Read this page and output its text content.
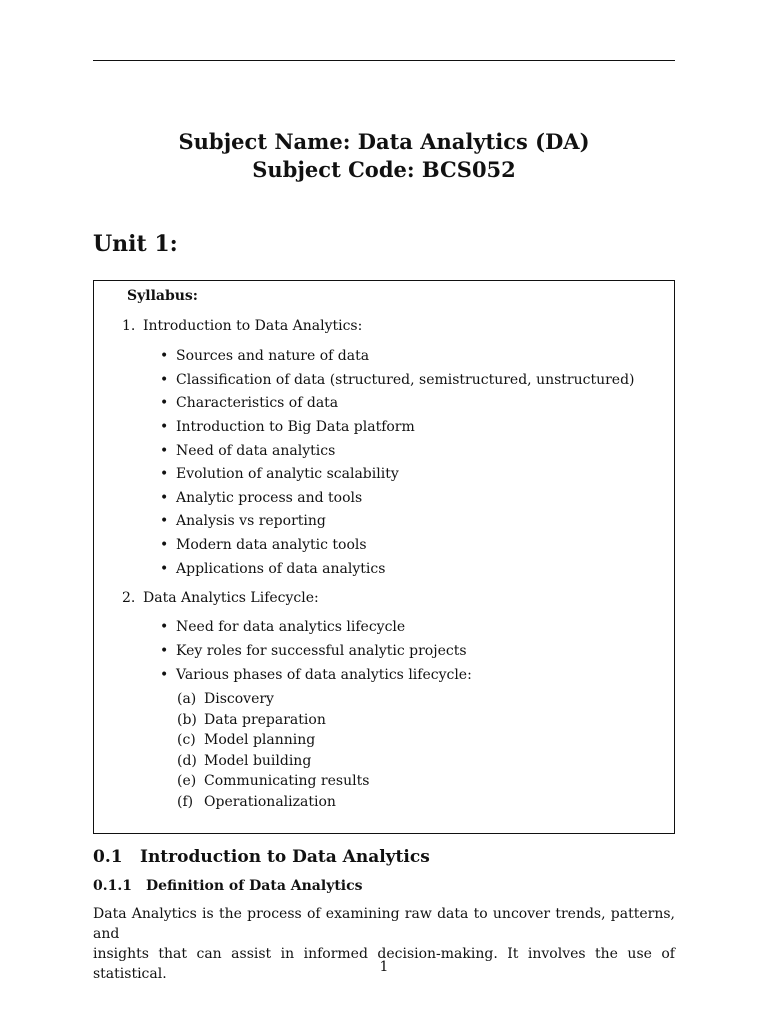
Subject Name: Data Analytics (DA)
Subject Code: BCS052
Unit 1:
Syllabus:
1. Introduction to Data Analytics:
• Sources and nature of data
• Classification of data (structured, semistructured, unstructured)
• Characteristics of data
• Introduction to Big Data platform
• Need of data analytics
• Evolution of analytic scalability
• Analytic process and tools
• Analysis vs reporting
• Modern data analytic tools
• Applications of data analytics
2. Data Analytics Lifecycle:
• Need for data analytics lifecycle
• Key roles for successful analytic projects
• Various phases of data analytics lifecycle:
(a) Discovery
(b) Data preparation
(c) Model planning
(d) Model building
(e) Communicating results
(f) Operationalization
0.1 Introduction to Data Analytics
0.1.1 Definition of Data Analytics
Data Analytics is the process of examining raw data to uncover trends, patterns, and
insights that can assist in informed decision-making. It involves the use of statistical.	1
